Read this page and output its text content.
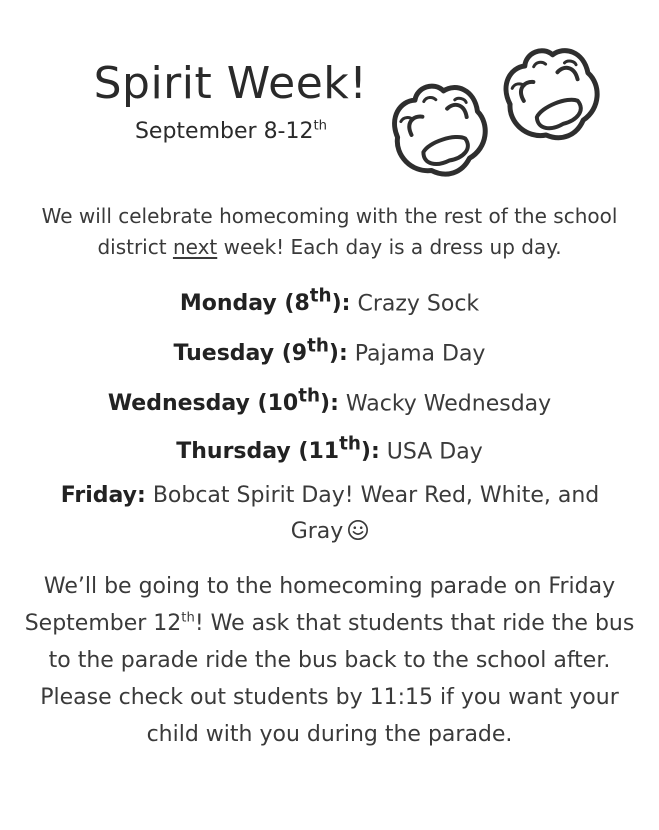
Spirit Week!
September 8-12th
We will celebrate homecoming with the rest of the school district next week! Each day is a dress up day.
Monday (8th): Crazy Sock
Tuesday (9th): Pajama Day
Wednesday (10th): Wacky Wednesday
Thursday (11th): USA Day
Friday: Bobcat Spirit Day! Wear Red, White, and Gray
We’ll be going to the homecoming parade on Friday September 12th! We ask that students that ride the bus to the parade ride the bus back to the school after. Please check out students by 11:15 if you want your child with you during the parade.
